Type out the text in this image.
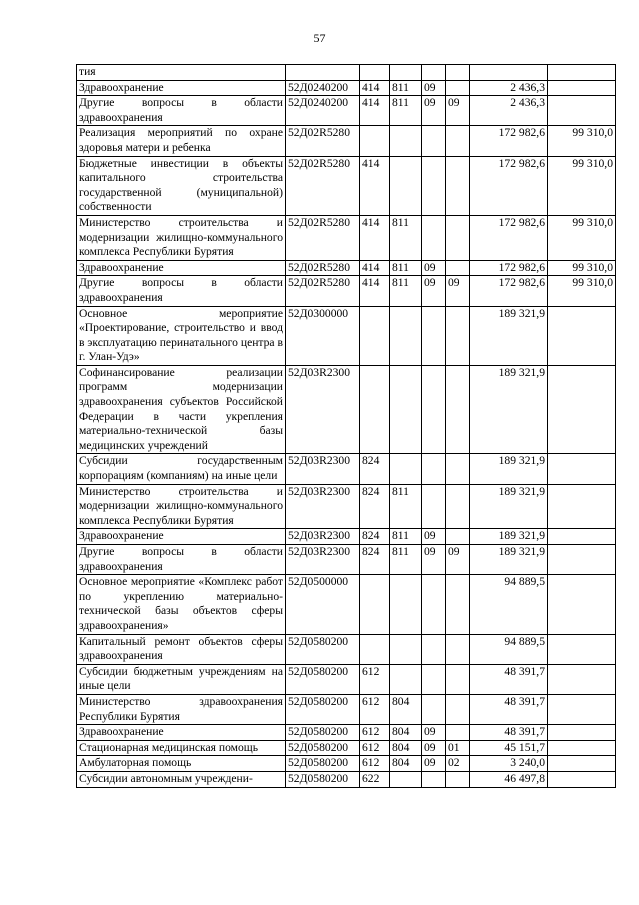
57
тия							
Здравоохранение	52Д0240200	414	811	09		2 436,3	
Другие вопросы в области здравоохранения	52Д0240200	414	811	09	09	2 436,3	
Реализация мероприятий по охране здоровья матери и ребенка	52Д02R5280					172 982,6	99 310,0
Бюджетные инвестиции в объекты капитального строительства государственной (муниципальной) собственности	52Д02R5280	414				172 982,6	99 310,0
Министерство строительства и модернизации жилищно-коммунального комплекса Республики Бурятия	52Д02R5280	414	811			172 982,6	99 310,0
Здравоохранение	52Д02R5280	414	811	09		172 982,6	99 310,0
Другие вопросы в области здравоохранения	52Д02R5280	414	811	09	09	172 982,6	99 310,0
Основное мероприятие «Проектирование, строительство и ввод в эксплуатацию перинатального центра в г. Улан-Удэ»	52Д0300000					189 321,9	
Софинансирование реализации программ модернизации здравоохранения субъектов Российской Федерации в части укрепления материально-технической базы медицинских учреждений	52Д03R2300					189 321,9	
Субсидии государственным корпорациям (компаниям) на иные цели	52Д03R2300	824				189 321,9	
Министерство строительства и модернизации жилищно-коммунального комплекса Республики Бурятия	52Д03R2300	824	811			189 321,9	
Здравоохранение	52Д03R2300	824	811	09		189 321,9	
Другие вопросы в области здравоохранения	52Д03R2300	824	811	09	09	189 321,9	
Основное мероприятие «Комплекс работ по укреплению материально-технической базы объектов сферы здравоохранения»	52Д0500000					94 889,5	
Капитальный ремонт объектов сферы здравоохранения	52Д0580200					94 889,5	
Субсидии бюджетным учреждениям на иные цели	52Д0580200	612				48 391,7	
Министерство здравоохранения Республики Бурятия	52Д0580200	612	804			48 391,7	
Здравоохранение	52Д0580200	612	804	09		48 391,7	
Стационарная медицинская помощь	52Д0580200	612	804	09	01	45 151,7	
Амбулаторная помощь	52Д0580200	612	804	09	02	3 240,0	
Субсидии автономным учреждени-	52Д0580200	622				46 497,8	
